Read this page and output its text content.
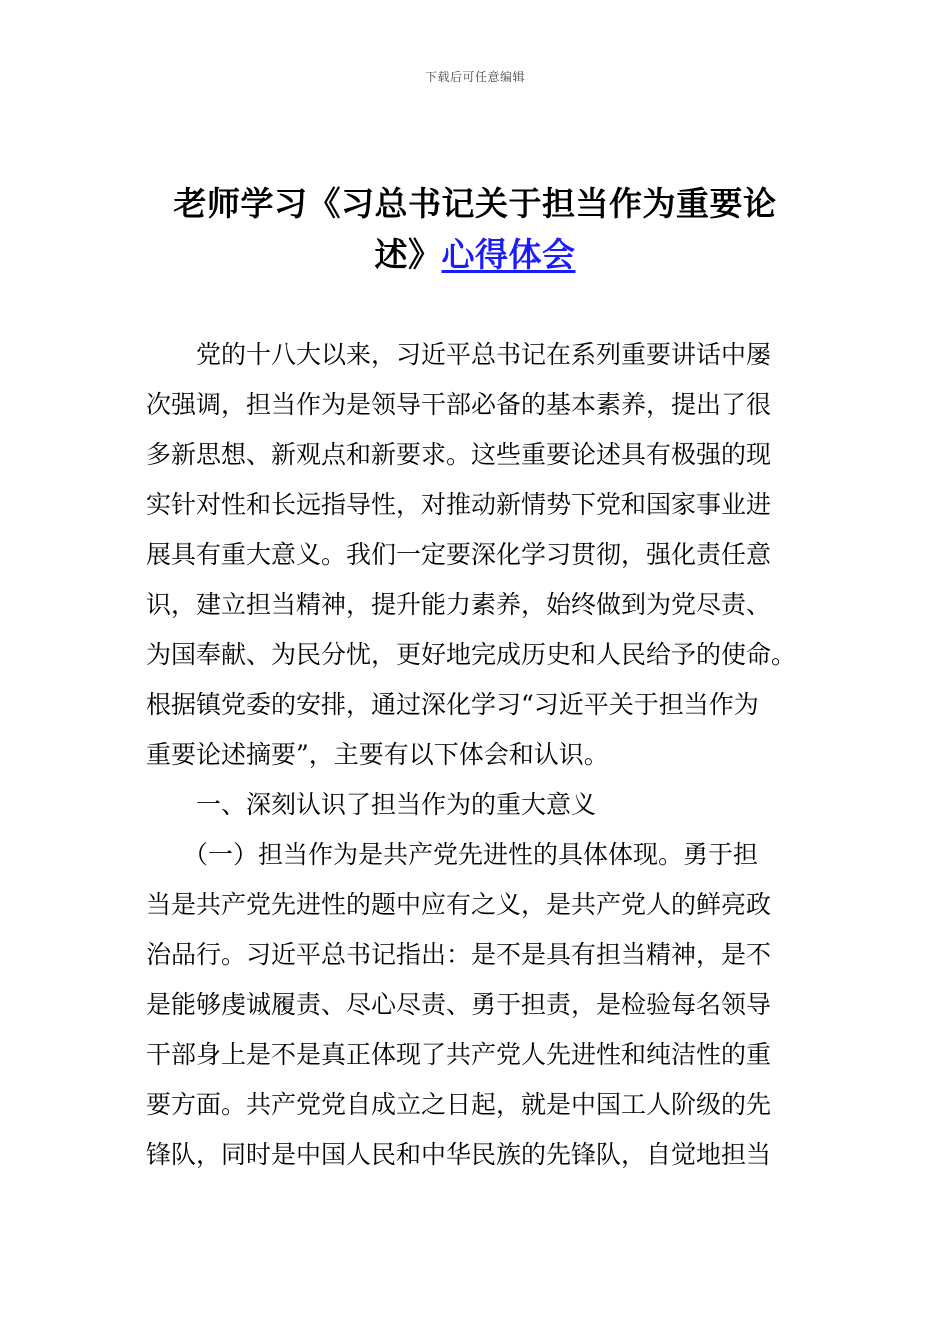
下载后可任意编辑
老师学习《习总书记关于担当作为重要论
述》心得体会
党的十八大以来，习近平总书记在系列重要讲话中屡
次强调，担当作为是领导干部必备的基本素养，提出了很
多新思想、新观点和新要求。这些重要论述具有极强的现
实针对性和长远指导性，对推动新情势下党和国家事业进
展具有重大意义。我们一定要深化学习贯彻，强化责任意
识，建立担当精神，提升能力素养，始终做到为党尽责、
为国奉献、为民分忧，更好地完成历史和人民给予的使命。
根据镇党委的安排，通过深化学习“习近平关于担当作为
重要论述摘要”，主要有以下体会和认识。
一、深刻认识了担当作为的重大意义
（一）担当作为是共产党先进性的具体体现。勇于担
当是共产党先进性的题中应有之义，是共产党人的鲜亮政
治品行。习近平总书记指出：是不是具有担当精神，是不
是能够虔诚履责、尽心尽责、勇于担责，是检验每名领导
干部身上是不是真正体现了共产党人先进性和纯洁性的重
要方面。共产党党自成立之日起，就是中国工人阶级的先
锋队，同时是中国人民和中华民族的先锋队，自觉地担当
